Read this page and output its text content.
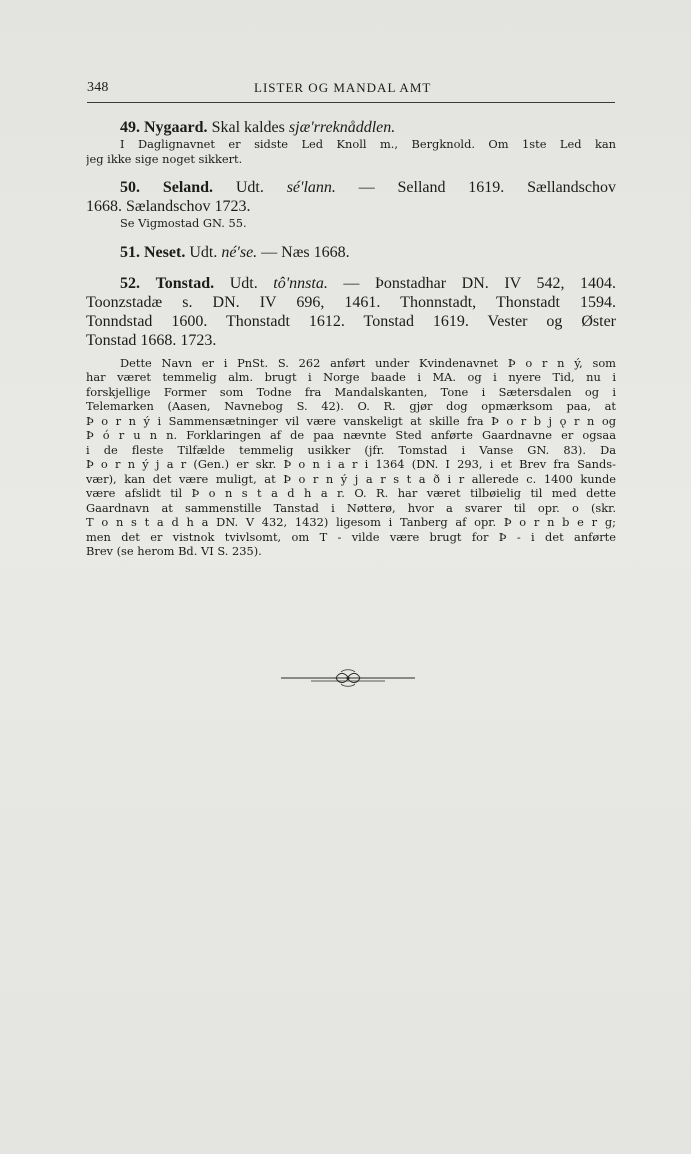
348	LISTER OG MANDAL AMT
49. Nygaard. Skal kaldes sjæ'rreknåddlen.
I Daglignavnet er sidste Led Knoll m., Bergknold. Om 1ste Led kan
jeg ikke sige noget sikkert.
50. Seland. Udt. sé'lann. — Selland 1619. Sællandschov
1668. Sælandschov 1723.
Se Vigmostad GN. 55.
51. Neset. Udt. né'se. — Næs 1668.
52. Tonstad. Udt. tô'nnsta. — Þonstadhar DN. IV 542, 1404.
Toonzstadæ s. DN. IV 696, 1461. Thonnstadt, Thonstadt 1594.
Tonndstad 1600. Thonstadt 1612. Tonstad 1619. Vester og Øster
Tonstad 1668. 1723.
Dette Navn er i PnSt. S. 262 anført under Kvindenavnet Þ o r n ý, som
har været temmelig alm. brugt i Norge baade i MA. og i nyere Tid, nu i
forskjellige Former som Todne fra Mandalskanten, Tone i Sætersdalen og i
Telemarken (Aasen, Navnebog S. 42). O. R. gjør dog opmærksom paa, at
Þ o r n ý i Sammensætninger vil være vanskeligt at skille fra Þ o r b j ǫ r n og
Þ ó r u n n. Forklaringen af de paa nævnte Sted anførte Gaardnavne er ogsaa
i de fleste Tilfælde temmelig usikker (jfr. Tomstad i Vanse GN. 83). Da
Þ o r n ý j a r (Gen.) er skr. Þ o n i a r i 1364 (DN. I 293, i et Brev fra Sands-
vær), kan det være muligt, at Þ o r n ý j a r s t a ð i r allerede c. 1400 kunde
være afslidt til Þ o n s t a d h a r. O. R. har været tilbøielig til med dette
Gaardnavn at sammenstille Tanstad i Nøtterø, hvor a svarer til opr. o (skr.
T o n s t a d h a DN. V 432, 1432) ligesom i Tanberg af opr. Þ o r n b e r g;
men det er vistnok tvivlsomt, om T - vilde være brugt for Þ - i det anførte
Brev (se herom Bd. VI S. 235).
